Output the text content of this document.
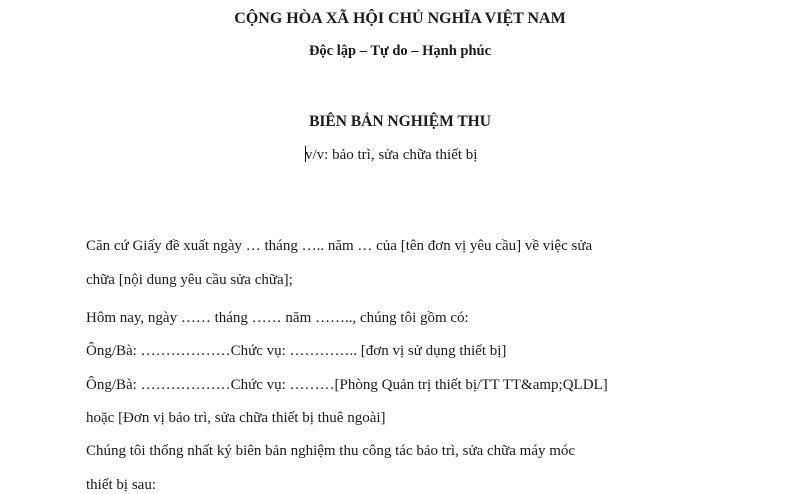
CỘNG HÒA XÃ HỘI CHỦ NGHĨA VIỆT NAM
Độc lập – Tự do – Hạnh phúc
BIÊN BẢN NGHIỆM THU
v/v: bảo trì, sửa chữa thiết bị
Căn cứ Giấy đề xuất ngày … tháng ….. năm … của [tên đơn vị yêu cầu] về việc sửa
chữa [nội dung yêu cầu sửa chữa];
Hôm nay, ngày …… tháng …… năm …….., chúng tôi gồm có:
Ông/Bà: ………………Chức vụ: ………….. [đơn vị sử dụng thiết bị]
Ông/Bà: ………………Chức vụ: ………[Phòng Quản trị thiết bị/TT TT&amp;QLDL]
hoặc [Đơn vị bảo trì, sửa chữa thiết bị thuê ngoài]
Chúng tôi thống nhất ký biên bản nghiệm thu công tác bảo trì, sửa chữa máy móc
thiết bị sau:
